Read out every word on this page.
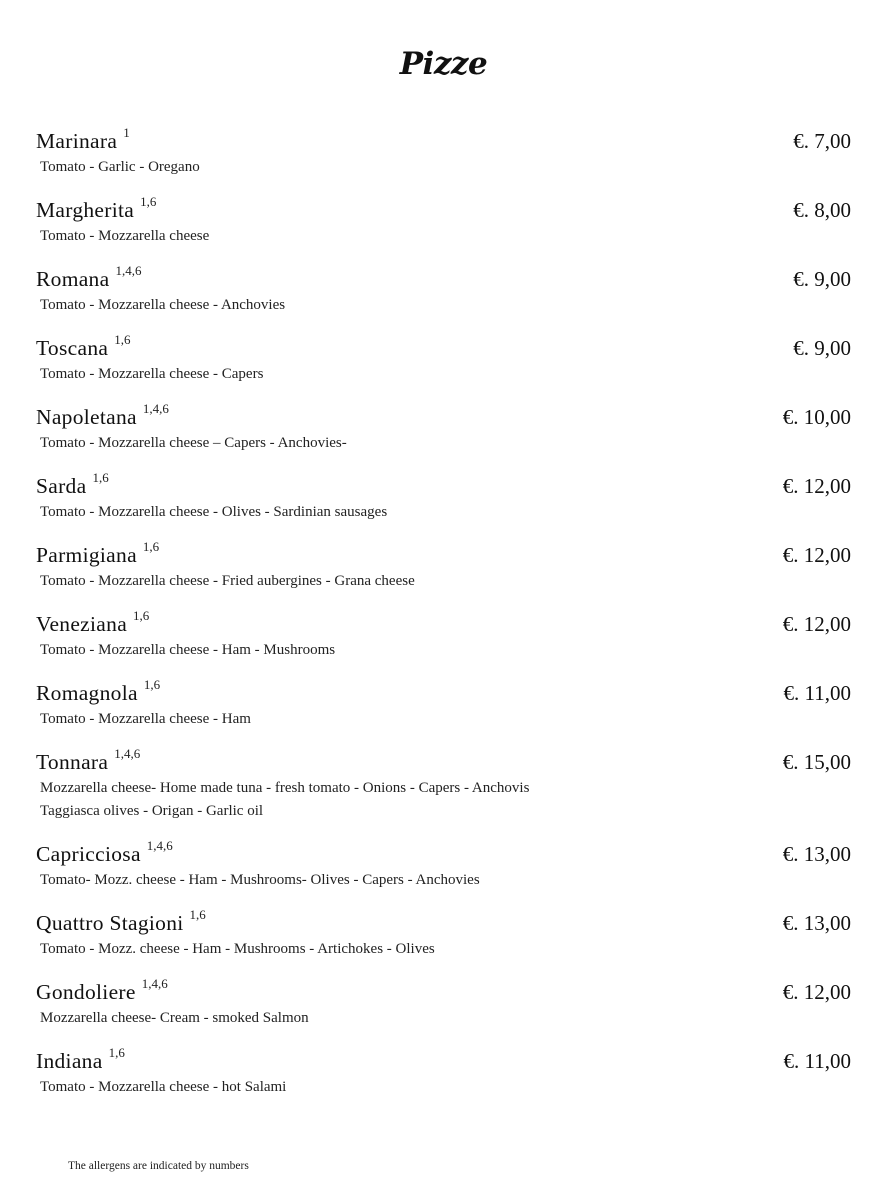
Pizze
Marinara $^1$	€. 7,00
Tomato - Garlic - Oregano
Margherita $^{1,6}$	€. 8,00
Tomato - Mozzarella cheese
Romana $^{1,4,6}$	€. 9,00
Tomato - Mozzarella cheese - Anchovies
Toscana $^{1,6}$	€. 9,00
Tomato - Mozzarella cheese - Capers
Napoletana $^{1,4,6}$	€. 10,00
Tomato - Mozzarella cheese – Capers - Anchovies-
Sarda $^{1,6}$	€. 12,00
Tomato - Mozzarella cheese - Olives - Sardinian sausages
Parmigiana $^{1,6}$	€. 12,00
Tomato - Mozzarella cheese - Fried aubergines - Grana cheese
Veneziana $^{1,6}$	€. 12,00
Tomato - Mozzarella cheese - Ham - Mushrooms
Romagnola $^{1,6}$	€. 11,00
Tomato - Mozzarella cheese - Ham
Tonnara $^{1,4,6}$	€. 15,00
Mozzarella cheese- Home made tuna - fresh tomato - Onions - Capers - Anchovis
Taggiasca olives - Origan - Garlic oil
Capricciosa $^{1,4,6}$	€. 13,00
Tomato- Mozz. cheese - Ham - Mushrooms- Olives - Capers - Anchovies
Quattro Stagioni $^{1,6}$	€. 13,00
Tomato - Mozz. cheese - Ham - Mushrooms - Artichokes - Olives
Gondoliere $^{1,4,6}$	€. 12,00
Mozzarella cheese- Cream - smoked Salmon
Indiana $^{1,6}$	€. 11,00
Tomato - Mozzarella cheese - hot Salami
The allergens are indicated by numbers
